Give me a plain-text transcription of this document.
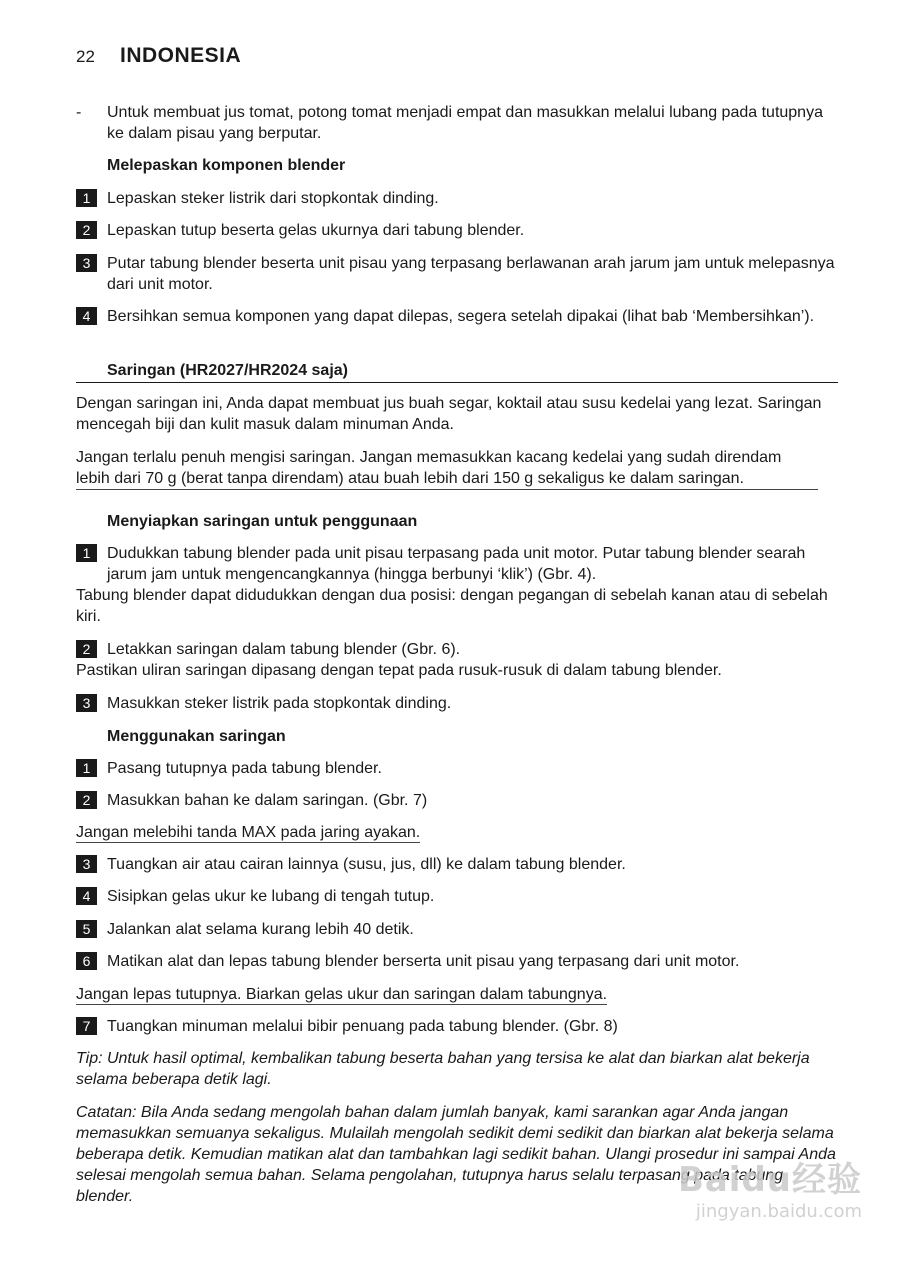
22	INDONESIA
-	Untuk membuat jus tomat, potong tomat menjadi empat dan masukkan melalui lubang pada tutupnya ke dalam pisau yang berputar.
Melepaskan komponen blender
1	Lepaskan steker listrik dari stopkontak dinding.
2	Lepaskan tutup beserta gelas ukurnya dari tabung blender.
3	Putar tabung blender beserta unit pisau yang terpasang berlawanan arah jarum jam untuk melepasnya dari unit motor.
4	Bersihkan semua komponen yang dapat dilepas, segera setelah dipakai (lihat bab ‘Membersihkan’).
Saringan (HR2027/HR2024 saja)
Dengan saringan ini, Anda dapat membuat jus buah segar, koktail atau susu kedelai yang lezat. Saringan mencegah biji dan kulit masuk dalam minuman Anda.
Jangan terlalu penuh mengisi saringan. Jangan memasukkan kacang kedelai yang sudah direndam lebih dari 70 g (berat tanpa direndam) atau buah lebih dari 150 g sekaligus ke dalam saringan.
Menyiapkan saringan untuk penggunaan
1	Dudukkan tabung blender pada unit pisau terpasang pada unit motor. Putar tabung blender searah jarum jam untuk mengencangkannya (hingga berbunyi ‘klik’) (Gbr. 4).
Tabung blender dapat didudukkan dengan dua posisi: dengan pegangan di sebelah kanan atau di sebelah kiri.
2	Letakkan saringan dalam tabung blender (Gbr. 6).
Pastikan uliran saringan dipasang dengan tepat pada rusuk-rusuk di dalam tabung blender.
3	Masukkan steker listrik pada stopkontak dinding.
Menggunakan saringan
1	Pasang tutupnya pada tabung blender.
2	Masukkan bahan ke dalam saringan. (Gbr. 7)
Jangan melebihi tanda MAX pada jaring ayakan.
3	Tuangkan air atau cairan lainnya (susu, jus, dll) ke dalam tabung blender.
4	Sisipkan gelas ukur ke lubang di tengah tutup.
5	Jalankan alat selama kurang lebih 40 detik.
6	Matikan alat dan lepas tabung blender berserta unit pisau yang terpasang dari unit motor.
Jangan lepas tutupnya. Biarkan gelas ukur dan saringan dalam tabungnya.
7	Tuangkan minuman melalui bibir penuang pada tabung blender. (Gbr. 8)
Tip: Untuk hasil optimal, kembalikan tabung beserta bahan yang tersisa ke alat dan biarkan alat bekerja selama beberapa detik lagi.
Catatan: Bila Anda sedang mengolah bahan dalam jumlah banyak, kami sarankan agar Anda jangan memasukkan semuanya sekaligus. Mulailah mengolah sedikit demi sedikit dan biarkan alat bekerja selama beberapa detik. Kemudian matikan alat dan tambahkan lagi sedikit bahan. Ulangi prosedur ini sampai Anda selesai mengolah semua bahan. Selama pengolahan, tutupnya harus selalu terpasang pada tabung blender.	Baidu经验
jingyan.baidu.com
